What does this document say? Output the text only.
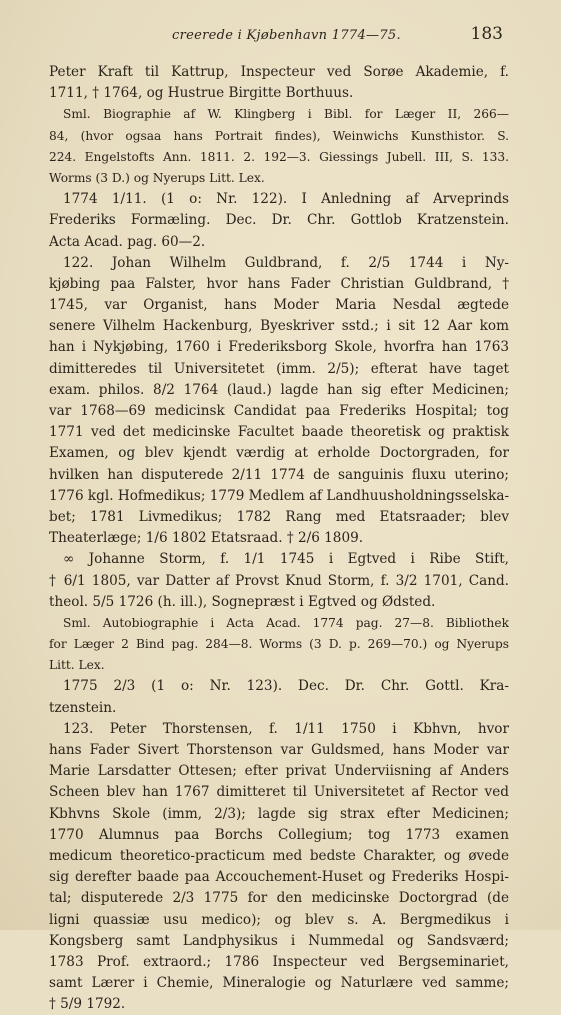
creerede i Kjøbenhavn 1774—75.	183
Peter Kraft til Kattrup, Inspecteur ved Sorøe Akademie, f.
1711, † 1764, og Hustrue Birgitte Borthuus.
Sml. Biographie af W. Klingberg i Bibl. for Læger II, 266—
84, (hvor ogsaa hans Portrait findes), Weinwichs Kunsthistor. S.
224. Engelstofts Ann. 1811. 2. 192—3. Giessings Jubell. III, S. 133.
Worms (3 D.) og Nyerups Litt. Lex.
1774 1/11. (1 o: Nr. 122). I Anledning af Arveprinds
Frederiks Formæling. Dec. Dr. Chr. Gottlob Kratzenstein.
Acta Acad. pag. 60—2.
122. Johan Wilhelm Guldbrand, f. 2/5 1744 i Ny-
kjøbing paa Falster, hvor hans Fader Christian Guldbrand, †
1745, var Organist, hans Moder Maria Nesdal ægtede
senere Vilhelm Hackenburg, Byeskriver sstd.; i sit 12 Aar kom
han i Nykjøbing, 1760 i Frederiksborg Skole, hvorfra han 1763
dimitteredes til Universitetet (imm. 2/5); efterat have taget
exam. philos. 8/2 1764 (laud.) lagde han sig efter Medicinen;
var 1768—69 medicinsk Candidat paa Frederiks Hospital; tog
1771 ved det medicinske Facultet baade theoretisk og praktisk
Examen, og blev kjendt værdig at erholde Doctorgraden, for
hvilken han disputerede 2/11 1774 de sanguinis fluxu uterino;
1776 kgl. Hofmedikus; 1779 Medlem af Landhuusholdningsselska-
bet; 1781 Livmedikus; 1782 Rang med Etatsraader; blev
Theaterlæge; 1/6 1802 Etatsraad. † 2/6 1809.
∞ Johanne Storm, f. 1/1 1745 i Egtved i Ribe Stift,
† 6/1 1805, var Datter af Provst Knud Storm, f. 3/2 1701, Cand.
theol. 5/5 1726 (h. ill.), Sognepræst i Egtved og Ødsted.
Sml. Autobiographie i Acta Acad. 1774 pag. 27—8. Bibliothek
for Læger 2 Bind pag. 284—8. Worms (3 D. p. 269—70.) og Nyerups
Litt. Lex.
1775 2/3 (1 o: Nr. 123). Dec. Dr. Chr. Gottl. Kra-
tzenstein.
123. Peter Thorstensen, f. 1/11 1750 i Kbhvn, hvor
hans Fader Sivert Thorstenson var Guldsmed, hans Moder var
Marie Larsdatter Ottesen; efter privat Underviisning af Anders
Scheen blev han 1767 dimitteret til Universitetet af Rector ved
Kbhvns Skole (imm, 2/3); lagde sig strax efter Medicinen;
1770 Alumnus paa Borchs Collegium; tog 1773 examen
medicum theoretico-practicum med bedste Charakter, og øvede
sig derefter baade paa Accouchement-Huset og Frederiks Hospi-
tal; disputerede 2/3 1775 for den medicinske Doctorgrad (de
ligni quassiæ usu medico); og blev s. A. Bergmedikus i
Kongsberg samt Landphysikus i Nummedal og Sandsværd;
1783 Prof. extraord.; 1786 Inspecteur ved Bergseminariet,
samt Lærer i Chemie, Mineralogie og Naturlære ved samme;
† 5/9 1792.
